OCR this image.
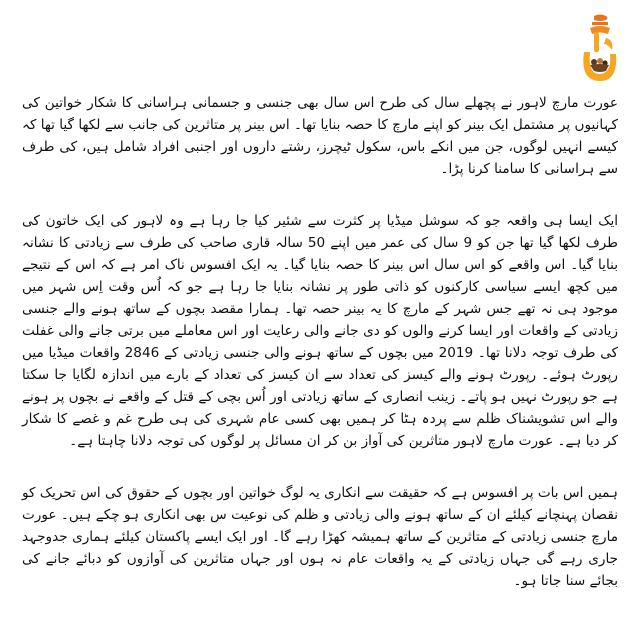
عورت مارچ لاہور نے پچھلے سال کی طرح اس سال بھی جنسی و جسمانی ہراسانی کا شکار خواتین کی کہانیوں پر مشتمل ایک بینر کو اپنے مارچ کا حصہ بنایا تھا۔ اس بینر پر متاثرین کی جانب سے لکھا گیا تھا کہ کیسے انہیں لوگوں، جن میں انکے باس، سکول ٹیچرز، رشتے داروں اور اجنبی افراد شامل ہیں، کی طرف سے ہراسانی کا سامنا کرنا پڑا۔

ایک ایسا ہی واقعہ جو کہ سوشل میڈیا پر کثرت سے شئیر کیا جا رہا ہے وہ لاہور کی ایک خاتون کی طرف لکھا گیا تھا جن کو 9 سال کی عمر میں اپنے 50 سالہ قاری صاحب کی طرف سے زیادتی کا نشانہ بنایا گیا۔ اس واقعے کو اس سال اس بینر کا حصہ بنایا گیا۔ یہ ایک افسوس ناک امر ہے کہ اس کے نتیجے میں کچھ ایسے سیاسی کارکنوں کو ذاتی طور پر نشانہ بنایا جا رہا ہے جو کہ اُس وقت اِس شہر میں موجود ہی نہ تھے جس شہر کے مارچ کا یہ بینر حصہ تھا۔ ہمارا مقصد بچوں کے ساتھ ہونے والے جنسی زیادتی کے واقعات اور ایسا کرنے والوں کو دی جانے والی رعایت اور اس معاملے میں برتی جانے والی غفلت کی طرف توجہ دلانا تھا۔ 2019 میں بچوں کے ساتھ ہونے والی جنسی زیادتی کے 2846 واقعات میڈیا میں رپورٹ ہوئے۔ رپورٹ ہونے والے کیسز کی تعداد سے ان کیسز کی تعداد کے بارے میں اندازہ لگایا جا سکتا ہے جو رپورٹ نہیں ہو پاتے۔ زینب انصاری کے ساتھ زیادتی اور اُس بچی کے قتل کے واقعے نے بچوں پر ہونے والے اس تشویشناک ظلم سے پردہ ہٹا کر ہمیں بھی کسی عام شہری کی ہی طرح غم و غصے کا شکار کر دیا ہے۔ عورت مارچ لاہور متاثرین کی آواز بن کر ان مسائل پر لوگوں کی توجہ دلانا چاہتا ہے۔

ہمیں اس بات پر افسوس ہے کہ حقیقت سے انکاری یہ لوگ خواتین اور بچوں کے حقوق کی اس تحریک کو نقصان پہنچانے کیلئے ان کے ساتھ ہونے والی زیادتی و ظلم کی نوعیت س بھی انکاری ہو چکے ہیں۔ عورت مارچ جنسی زیادتی کے متاثرین کے ساتھ ہمیشہ کھڑا رہے گا۔ اور ایک ایسے پاکستان کیلئے ہماری جدوجہد جاری رہے گی جہاں زیادتی کے یہ واقعات عام نہ ہوں اور جہاں متاثرین کی آوازوں کو دبائے جانے کی بجائے سنا جاتا ہو۔
